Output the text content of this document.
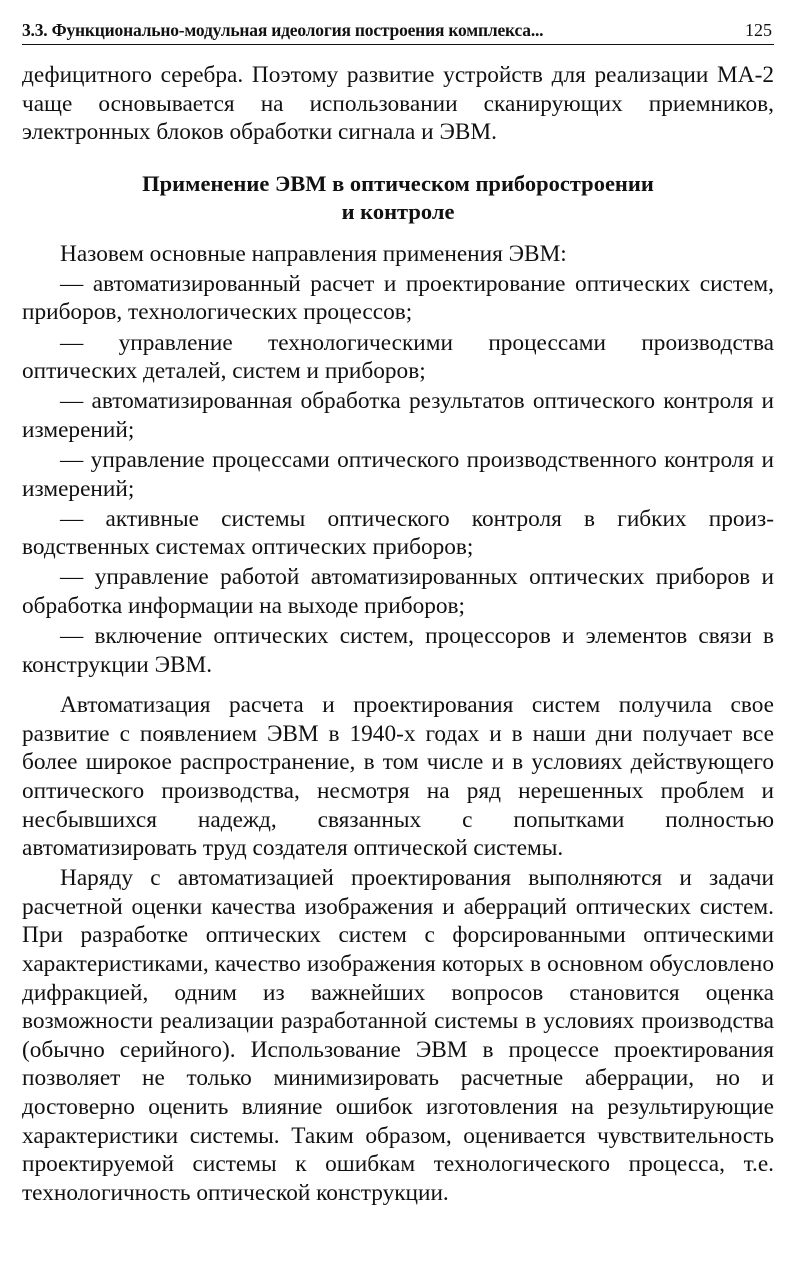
3.3. Функционально-модульная идеология построения комплекса...	125

дефицитного серебра. Поэтому развитие устройств для реализации МА-2 чаще основывается на использовании сканирующих приемников, электронных блоков обработки сигнала и ЭВМ.

Применение ЭВМ в оптическом приборостроении
и контроле

Назовем основные направления применения ЭВМ:

— автоматизированный расчет и проектирование оптических систем, приборов, технологических процессов;

— управление технологическими процессами производства оптических деталей, систем и приборов;

— автоматизированная обработка результатов оптического контроля и измерений;

— управление процессами оптического производственного контроля и измерений;

— активные системы оптического контроля в гибких производственных системах оптических приборов;

— управление работой автоматизированных оптических приборов и обработка информации на выходе приборов;

— включение оптических систем, процессоров и элементов связи в конструкции ЭВМ.

Автоматизация расчета и проектирования систем получила свое развитие с появлением ЭВМ в 1940-х годах и в наши дни получает все более широкое распространение, в том числе и в условиях действующего оптического производства, несмотря на ряд нерешенных проблем и несбывшихся надежд, связанных с попытками полностью автоматизировать труд создателя оптической системы.

Наряду с автоматизацией проектирования выполняются и задачи расчетной оценки качества изображения и аберраций оптических систем. При разработке оптических систем с форсированными оптическими характеристиками, качество изображения которых в основном обусловлено дифракцией, одним из важнейших вопросов становится оценка возможности реализации разработанной системы в условиях производства (обычно серийного). Использование ЭВМ в процессе проектирования позволяет не только минимизировать расчетные аберрации, но и достоверно оценить влияние ошибок изготовления на результирующие характеристики системы. Таким образом, оценивается чувствительность проектируемой системы к ошибкам технологического процесса, т.е. технологичность оптической конструкции.
